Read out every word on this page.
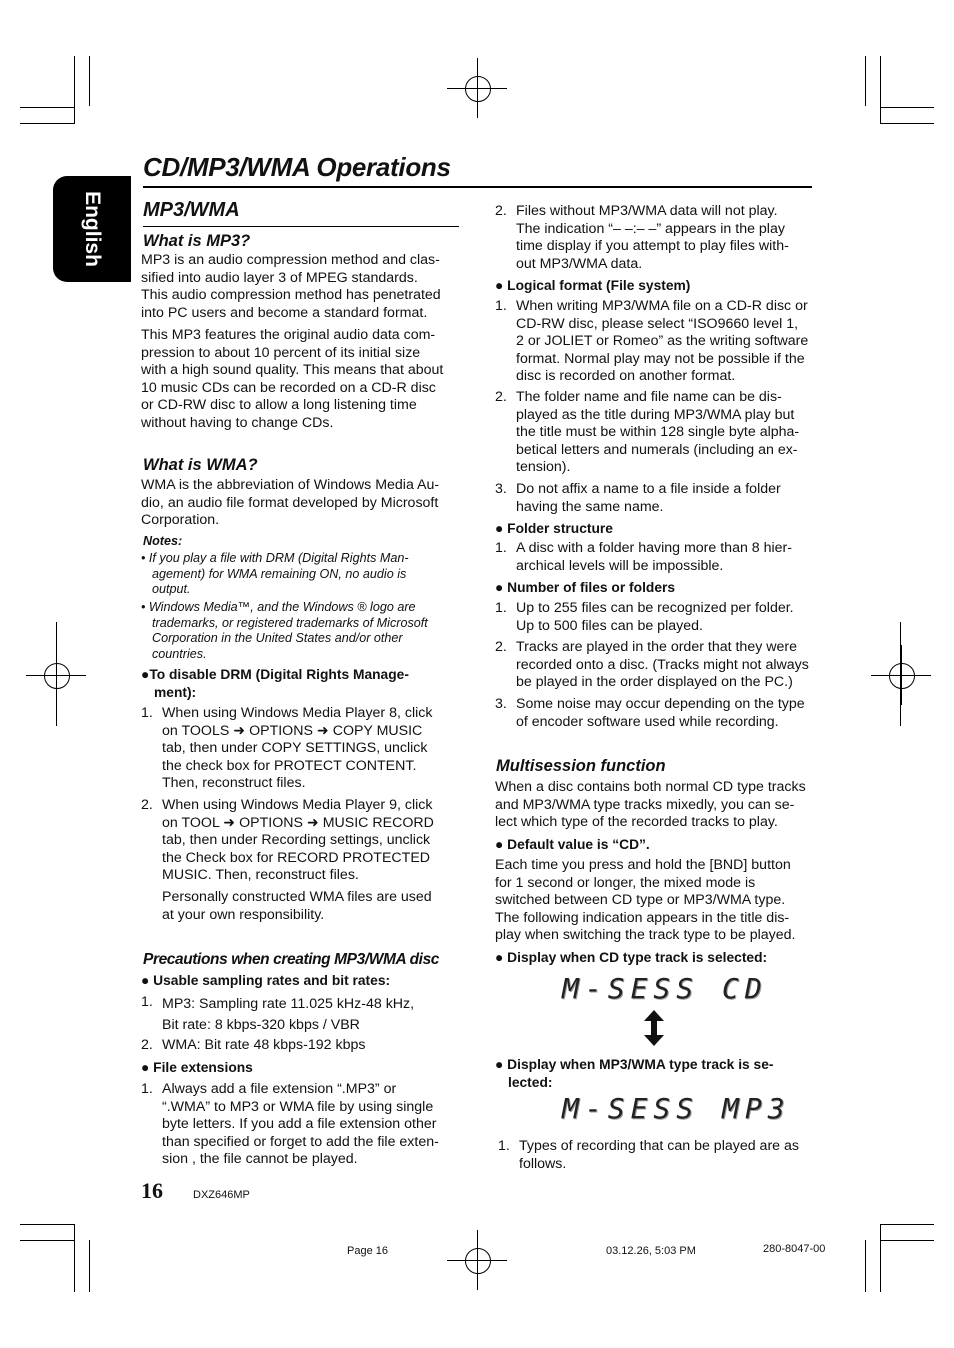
English
CD/MP3/WMA Operations
MP3/WMA
What is MP3?
MP3 is an audio compression method and clas-
sified into audio layer 3 of MPEG standards.
This audio compression method has penetrated
into PC users and become a standard format.
This MP3 features the original audio data com-
pression to about 10 percent of its initial size
with a high sound quality. This means that about
10 music CDs can be recorded on a CD-R disc
or CD-RW disc to allow a long listening time
without having to change CDs.
What is WMA?
WMA is the abbreviation of Windows Media Au-
dio, an audio file format developed by Microsoft
Corporation.
Notes:
• If you play a file with DRM (Digital Rights Man-
agement) for WMA remaining ON, no audio is
output.
• Windows Media™, and the Windows ® logo are
trademarks, or registered trademarks of Microsoft
Corporation in the United States and/or other
countries.
●To disable DRM (Digital Rights Manage-
ment):
1. When using Windows Media Player 8, click
on TOOLS ➜ OPTIONS ➜ COPY MUSIC
tab, then under COPY SETTINGS, unclick
the check box for PROTECT CONTENT.
Then, reconstruct files.
2. When using Windows Media Player 9, click
on TOOL ➜ OPTIONS ➜ MUSIC RECORD
tab, then under Recording settings, unclick
the Check box for RECORD PROTECTED
MUSIC. Then, reconstruct files.
Personally constructed WMA files are used
at your own responsibility.
Precautions when creating MP3/WMA disc
● Usable sampling rates and bit rates:
1. MP3: Sampling rate 11.025 kHz-48 kHz,
Bit rate: 8 kbps-320 kbps / VBR
2. WMA: Bit rate 48 kbps-192 kbps
● File extensions
1. Always add a file extension “.MP3” or
“.WMA” to MP3 or WMA file by using single
byte letters. If you add a file extension other
than specified or forget to add the file exten-
sion , the file cannot be played.
2. Files without MP3/WMA data will not play.
The indication “– –:– –” appears in the play
time display if you attempt to play files with-
out MP3/WMA data.
● Logical format (File system)
1. When writing MP3/WMA file on a CD-R disc or
CD-RW disc, please select “ISO9660 level 1,
2 or JOLIET or Romeo” as the writing software
format. Normal play may not be possible if the
disc is recorded on another format.
2. The folder name and file name can be dis-
played as the title during MP3/WMA play but
the title must be within 128 single byte alpha-
betical letters and numerals (including an ex-
tension).
3. Do not affix a name to a file inside a folder
having the same name.
● Folder structure
1. A disc with a folder having more than 8 hier-
archical levels will be impossible.
● Number of files or folders
1. Up to 255 files can be recognized per folder.
Up to 500 files can be played.
2. Tracks are played in the order that they were
recorded onto a disc. (Tracks might not always
be played in the order displayed on the PC.)
3. Some noise may occur depending on the type
of encoder software used while recording.
Multisession function
When a disc contains both normal CD type tracks
and MP3/WMA type tracks mixedly, you can se-
lect which type of the recorded tracks to play.
● Default value is “CD”.
Each time you press and hold the [BND] button
for 1 second or longer, the mixed mode is
switched between CD type or MP3/WMA type.
The following indication appears in the title dis-
play when switching the track type to be played.
● Display when CD type track is selected:
M-SESS CD
● Display when MP3/WMA type track is se-
lected:
M-SESS MP3
1. Types of recording that can be played are as
follows.
16	DXZ646MP
Page 16	03.12.26, 5:03 PM	280-8047-00
